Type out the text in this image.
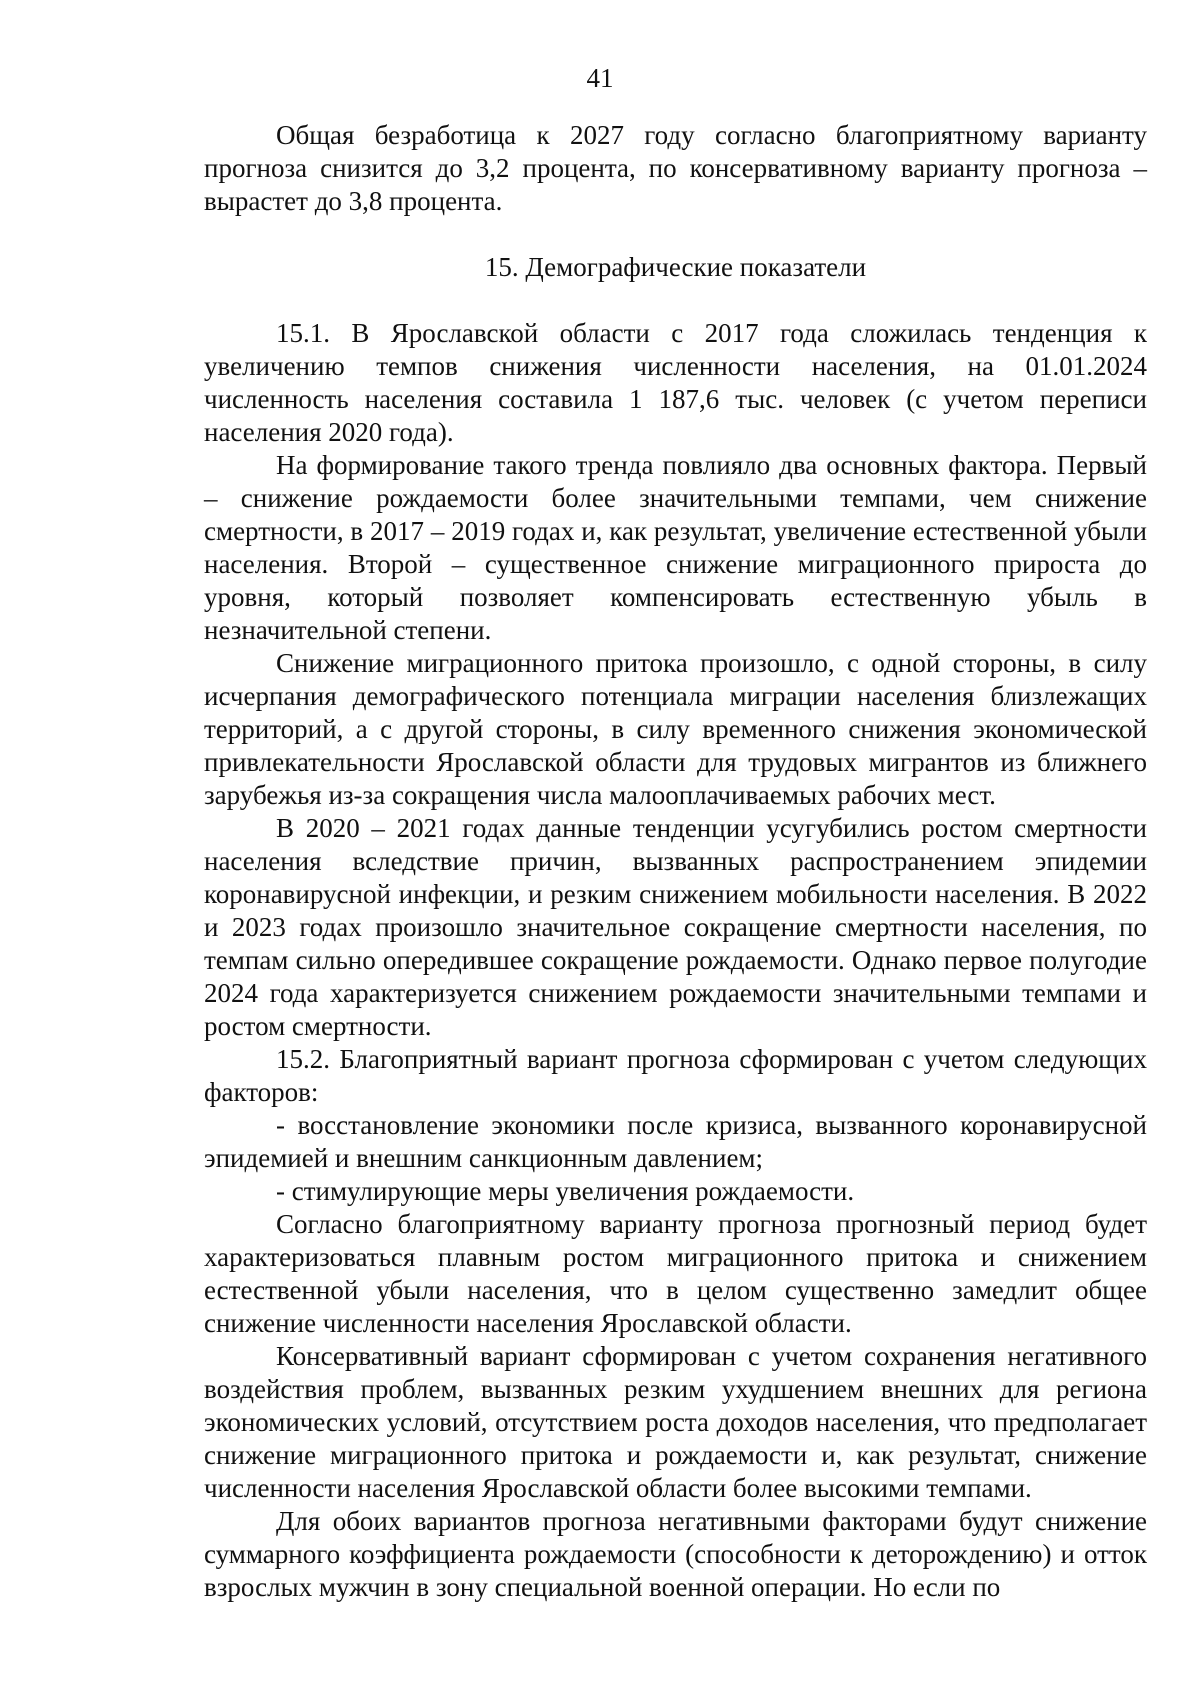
41

Общая безработица к 2027 году согласно благоприятному варианту прогноза снизится до 3,2 процента, по консервативному варианту прогноза – вырастет до 3,8 процента.

15. Демографические показатели

15.1. В Ярославской области с 2017 года сложилась тенденция к увеличению темпов снижения численности населения, на 01.01.2024 численность населения составила 1 187,6 тыс. человек (с учетом переписи населения 2020 года).

На формирование такого тренда повлияло два основных фактора. Первый – снижение рождаемости более значительными темпами, чем снижение смертности, в 2017 – 2019 годах и, как результат, увеличение естественной убыли населения. Второй – существенное снижение миграционного прироста до уровня, который позволяет компенсировать естественную убыль в незначительной степени.

Снижение миграционного притока произошло, с одной стороны, в силу исчерпания демографического потенциала миграции населения близлежащих территорий, а с другой стороны, в силу временного снижения экономической привлекательности Ярославской области для трудовых мигрантов из ближнего зарубежья из-за сокращения числа малооплачиваемых рабочих мест.

В 2020 – 2021 годах данные тенденции усугубились ростом смертности населения вследствие причин, вызванных распространением эпидемии коронавирусной инфекции, и резким снижением мобильности населения. В 2022 и 2023 годах произошло значительное сокращение смертности населения, по темпам сильно опередившее сокращение рождаемости. Однако первое полугодие 2024 года характеризуется снижением рождаемости значительными темпами и ростом смертности.

15.2. Благоприятный вариант прогноза сформирован с учетом следующих факторов:

- восстановление экономики после кризиса, вызванного коронавирусной эпидемией и внешним санкционным давлением;

- стимулирующие меры увеличения рождаемости.

Согласно благоприятному варианту прогноза прогнозный период будет характеризоваться плавным ростом миграционного притока и снижением естественной убыли населения, что в целом существенно замедлит общее снижение численности населения Ярославской области.

Консервативный вариант сформирован с учетом сохранения негативного воздействия проблем, вызванных резким ухудшением внешних для региона экономических условий, отсутствием роста доходов населения, что предполагает снижение миграционного притока и рождаемости и, как результат, снижение численности населения Ярославской области более высокими темпами.

Для обоих вариантов прогноза негативными факторами будут снижение суммарного коэффициента рождаемости (способности к деторождению) и отток взрослых мужчин в зону специальной военной операции. Но если по
